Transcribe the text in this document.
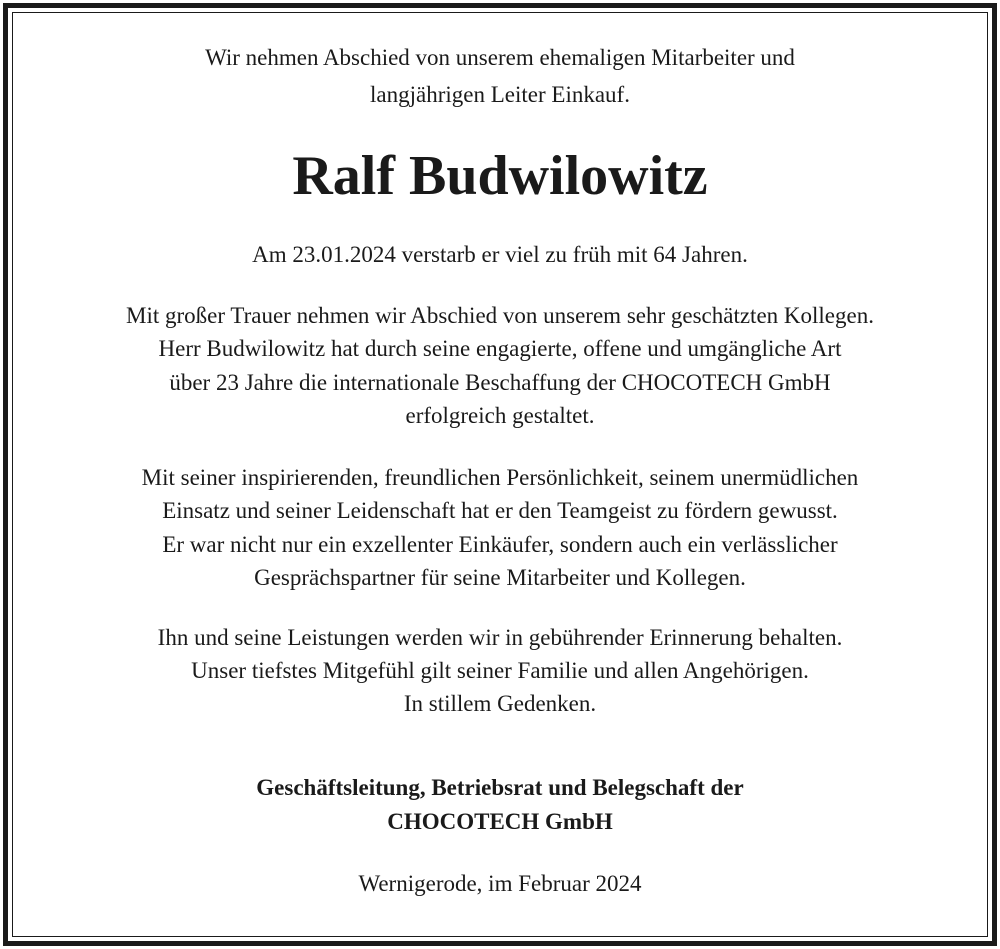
Wir nehmen Abschied von unserem ehemaligen Mitarbeiter und
langjährigen Leiter Einkauf.
Ralf Budwilowitz
Am 23.01.2024 verstarb er viel zu früh mit 64 Jahren.
Mit großer Trauer nehmen wir Abschied von unserem sehr geschätzten Kollegen.
Herr Budwilowitz hat durch seine engagierte, offene und umgängliche Art
über 23 Jahre die internationale Beschaffung der CHOCOTECH GmbH
erfolgreich gestaltet.
Mit seiner inspirierenden, freundlichen Persönlichkeit, seinem unermüdlichen
Einsatz und seiner Leidenschaft hat er den Teamgeist zu fördern gewusst.
Er war nicht nur ein exzellenter Einkäufer, sondern auch ein verlässlicher
Gesprächspartner für seine Mitarbeiter und Kollegen.
Ihn und seine Leistungen werden wir in gebührender Erinnerung behalten.
Unser tiefstes Mitgefühl gilt seiner Familie und allen Angehörigen.
In stillem Gedenken.
Geschäftsleitung, Betriebsrat und Belegschaft der
CHOCOTECH GmbH
Wernigerode, im Februar 2024
